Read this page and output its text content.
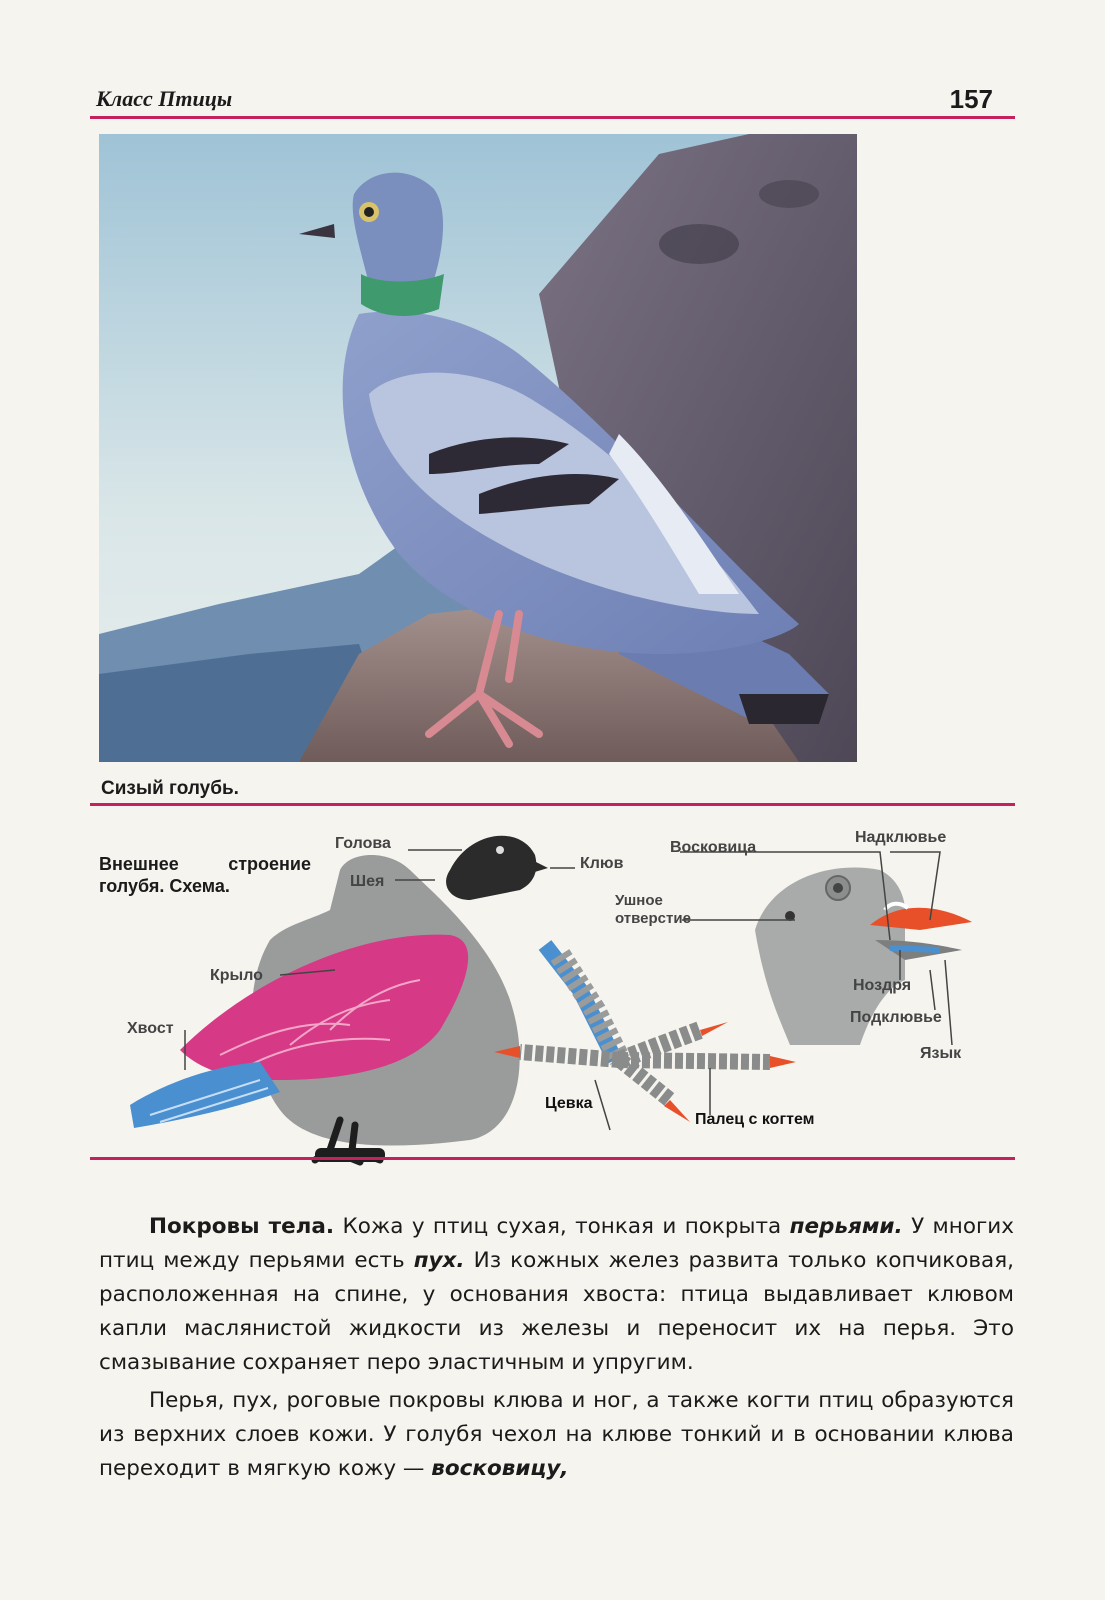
Класс Птицы	157
Сизый голубь.
Внешнее строение голубя. Схема.
Голова
Шея
Клюв
Крыло
Хвост
Восковица
Ушное
отверстие
Надклювье
Ноздря
Подклювье
Язык
Цевка
Палец с когтем

Покровы тела. Кожа у птиц сухая, тонкая и покрыта перьями. У многих птиц между перьями есть пух. Из кожных желез развита только копчиковая, расположенная на спине, у основания хвоста: птица выдавливает клювом капли маслянистой жидкости из железы и переносит их на перья. Это смазывание сохраняет перо эластичным и упругим.

Перья, пух, роговые покровы клюва и ног, а также когти птиц образуются из верхних слоев кожи. У голубя чехол на клюве тонкий и в основании клюва переходит в мягкую кожу — восковицу,
